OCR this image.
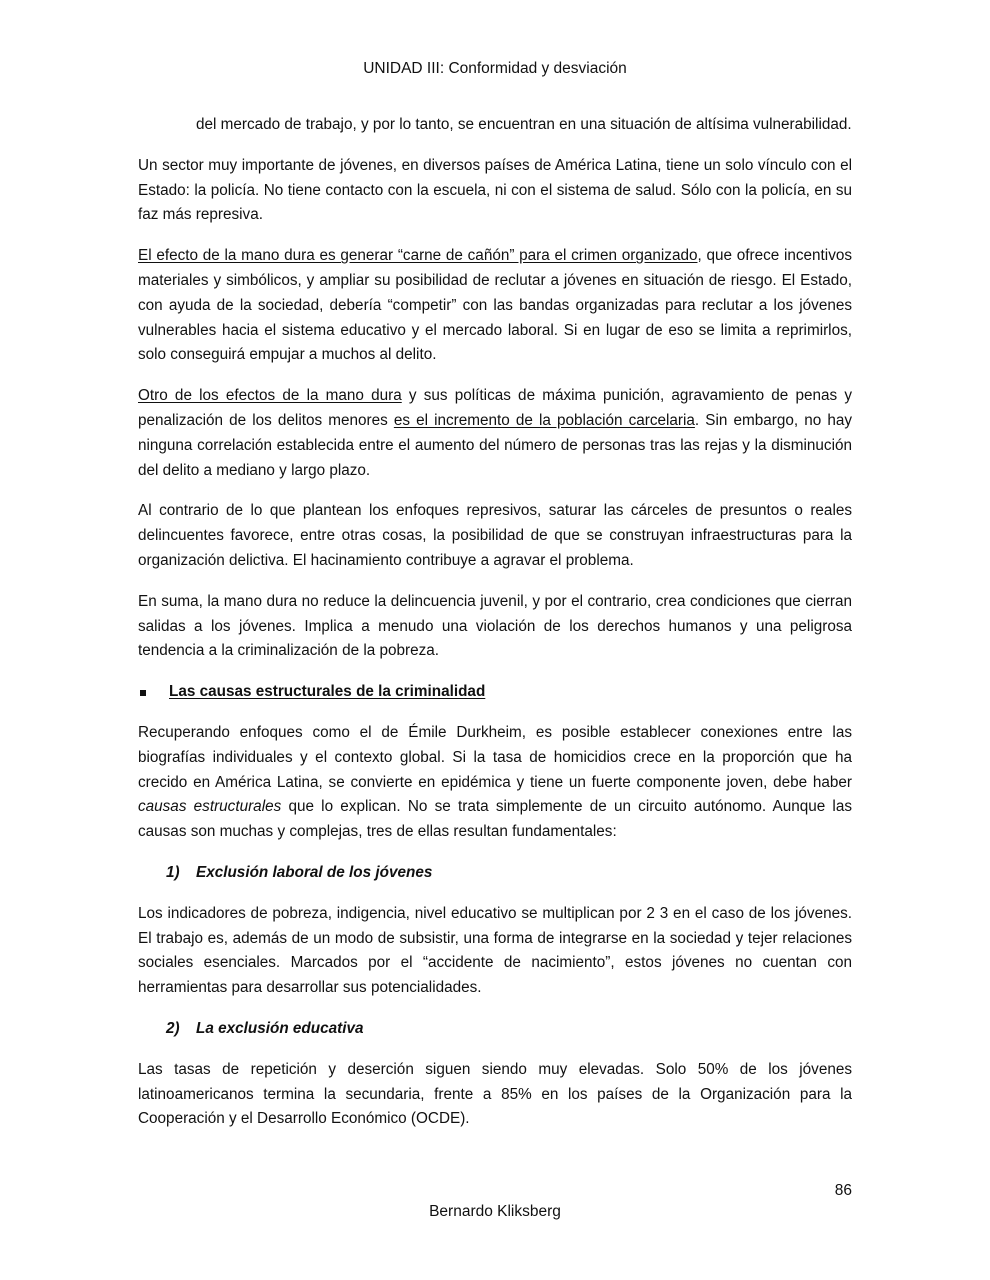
UNIDAD III: Conformidad y desviación

del mercado de trabajo, y por lo tanto, se encuentran en una situación de altísima vulnerabilidad.

Un sector muy importante de jóvenes, en diversos países de América Latina, tiene un solo vínculo con el Estado: la policía. No tiene contacto con la escuela, ni con el sistema de salud. Sólo con la policía, en su faz más represiva.

El efecto de la mano dura es generar “carne de cañón” para el crimen organizado, que ofrece incentivos materiales y simbólicos, y ampliar su posibilidad de reclutar a jóvenes en situación de riesgo. El Estado, con ayuda de la sociedad, debería “competir” con las bandas organizadas para reclutar a los jóvenes vulnerables hacia el sistema educativo y el mercado laboral. Si en lugar de eso se limita a reprimirlos, solo conseguirá empujar a muchos al delito.

Otro de los efectos de la mano dura y sus políticas de máxima punición, agravamiento de penas y penalización de los delitos menores es el incremento de la población carcelaria. Sin embargo, no hay ninguna correlación establecida entre el aumento del número de personas tras las rejas y la disminución del delito a mediano y largo plazo.

Al contrario de lo que plantean los enfoques represivos, saturar las cárceles de presuntos o reales delincuentes favorece, entre otras cosas, la posibilidad de que se construyan infraestructuras para la organización delictiva. El hacinamiento contribuye a agravar el problema.

En suma, la mano dura no reduce la delincuencia juvenil, y por el contrario, crea condiciones que cierran salidas a los jóvenes. Implica a menudo una violación de los derechos humanos y una peligrosa tendencia a la criminalización de la pobreza.

Las causas estructurales de la criminalidad

Recuperando enfoques como el de Émile Durkheim, es posible establecer conexiones entre las biografías individuales y el contexto global. Si la tasa de homicidios crece en la proporción que ha crecido en América Latina, se convierte en epidémica y tiene un fuerte componente joven, debe haber causas estructurales que lo explican. No se trata simplemente de un circuito autónomo. Aunque las causas son muchas y complejas, tres de ellas resultan fundamentales:

1) Exclusión laboral de los jóvenes

Los indicadores de pobreza, indigencia, nivel educativo se multiplican por 2 3 en el caso de los jóvenes. El trabajo es, además de un modo de subsistir, una forma de integrarse en la sociedad y tejer relaciones sociales esenciales. Marcados por el “accidente de nacimiento”, estos jóvenes no cuentan con herramientas para desarrollar sus potencialidades.

2) La exclusión educativa

Las tasas de repetición y deserción siguen siendo muy elevadas. Solo 50% de los jóvenes latinoamericanos termina la secundaria, frente a 85% en los países de la Organización para la Cooperación y el Desarrollo Económico (OCDE).

86
Bernardo Kliksberg
